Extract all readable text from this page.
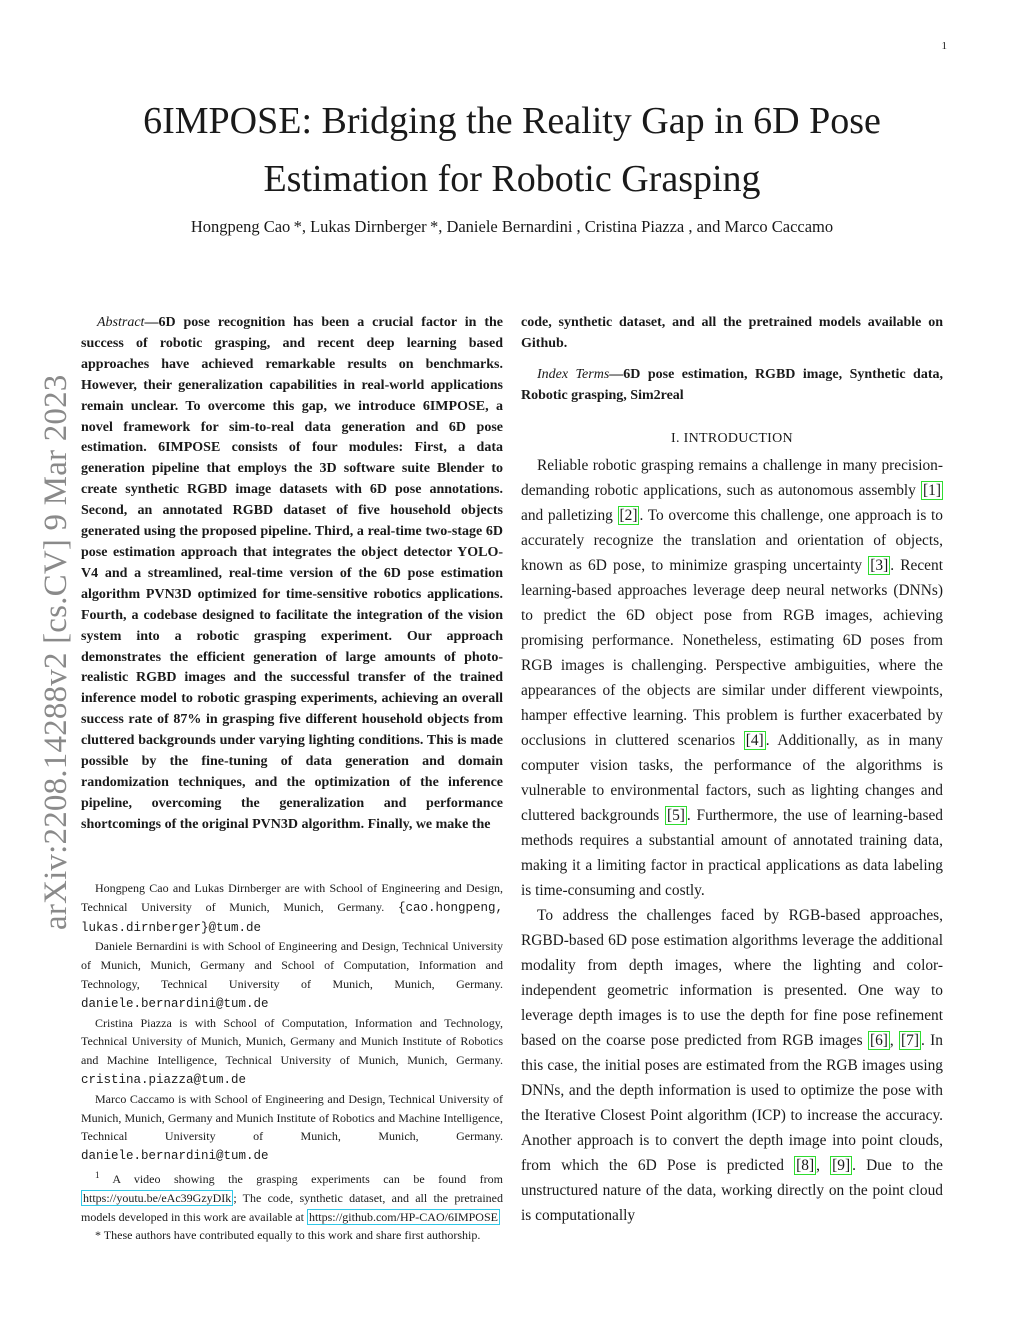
1
arXiv:2208.14288v2 [cs.CV] 9 Mar 2023
6IMPOSE: Bridging the Reality Gap in 6D Pose
Estimation for Robotic Grasping
Hongpeng Cao *, Lukas Dirnberger *, Daniele Bernardini , Cristina Piazza , and Marco Caccamo

Abstract—6D pose recognition has been a crucial factor in the success of robotic grasping, and recent deep learning based approaches have achieved remarkable results on benchmarks. However, their generalization capabilities in real-world applications remain unclear. To overcome this gap, we introduce 6IMPOSE, a novel framework for sim-to-real data generation and 6D pose estimation. 6IMPOSE consists of four modules: First, a data generation pipeline that employs the 3D software suite Blender to create synthetic RGBD image datasets with 6D pose annotations. Second, an annotated RGBD dataset of five household objects generated using the proposed pipeline. Third, a real-time two-stage 6D pose estimation approach that integrates the object detector YOLO-V4 and a streamlined, real-time version of the 6D pose estimation algorithm PVN3D optimized for time-sensitive robotics applications. Fourth, a codebase designed to facilitate the integration of the vision system into a robotic grasping experiment. Our approach demonstrates the efficient generation of large amounts of photo-realistic RGBD images and the successful transfer of the trained inference model to robotic grasping experiments, achieving an overall success rate of 87% in grasping five different household objects from cluttered backgrounds under varying lighting conditions. This is made possible by the fine-tuning of data generation and domain randomization techniques, and the optimization of the inference pipeline, overcoming the generalization and performance shortcomings of the original PVN3D algorithm. Finally, we make the

Hongpeng Cao and Lukas Dirnberger are with School of Engineering and Design, Technical University of Munich, Munich, Germany. {cao.hongpeng, lukas.dirnberger}@tum.de

Daniele Bernardini is with School of Engineering and Design, Technical University of Munich, Munich, Germany and School of Computation, Information and Technology, Technical University of Munich, Munich, Germany. daniele.bernardini@tum.de

Cristina Piazza is with School of Computation, Information and Technology, Technical University of Munich, Munich, Germany and Munich Institute of Robotics and Machine Intelligence, Technical University of Munich, Munich, Germany. cristina.piazza@tum.de

Marco Caccamo is with School of Engineering and Design, Technical University of Munich, Munich, Germany and Munich Institute of Robotics and Machine Intelligence, Technical University of Munich, Munich, Germany. daniele.bernardini@tum.de

$^1$ A video showing the grasping experiments can be found from https://youtu.be/eAc39GzyDIk ; The code, synthetic dataset, and all the pretrained models developed in this work are available at https://github.com/HP-CAO/6IMPOSE

* These authors have contributed equally to this work and share first authorship.

code, synthetic dataset, and all the pretrained models available on Github.

Index Terms—6D pose estimation, RGBD image, Synthetic data, Robotic grasping, Sim2real

I. INTRODUCTION

Reliable robotic grasping remains a challenge in many precision-demanding robotic applications, such as autonomous assembly [1] and palletizing [2] . To overcome this challenge, one approach is to accurately recognize the translation and orientation of objects, known as 6D pose, to minimize grasping uncertainty [3] . Recent learning-based approaches leverage deep neural networks (DNNs) to predict the 6D object pose from RGB images, achieving promising performance. Nonetheless, estimating 6D poses from RGB images is challenging. Perspective ambiguities, where the appearances of the objects are similar under different viewpoints, hamper effective learning. This problem is further exacerbated by occlusions in cluttered scenarios [4] . Additionally, as in many computer vision tasks, the performance of the algorithms is vulnerable to environmental factors, such as lighting changes and cluttered backgrounds [5] . Furthermore, the use of learning-based methods requires a substantial amount of annotated training data, making it a limiting factor in practical applications as data labeling is time-consuming and costly.

To address the challenges faced by RGB-based approaches, RGBD-based 6D pose estimation algorithms leverage the additional modality from depth images, where the lighting and color-independent geometric information is presented. One way to leverage depth images is to use the depth for fine pose refinement based on the coarse pose predicted from RGB images [6] , [7] . In this case, the initial poses are estimated from the RGB images using DNNs, and the depth information is used to optimize the pose with the Iterative Closest Point algorithm (ICP) to increase the accuracy. Another approach is to convert the depth image into point clouds, from which the 6D Pose is predicted [8] , [9] . Due to the unstructured nature of the data, working directly on the point cloud is computationally
